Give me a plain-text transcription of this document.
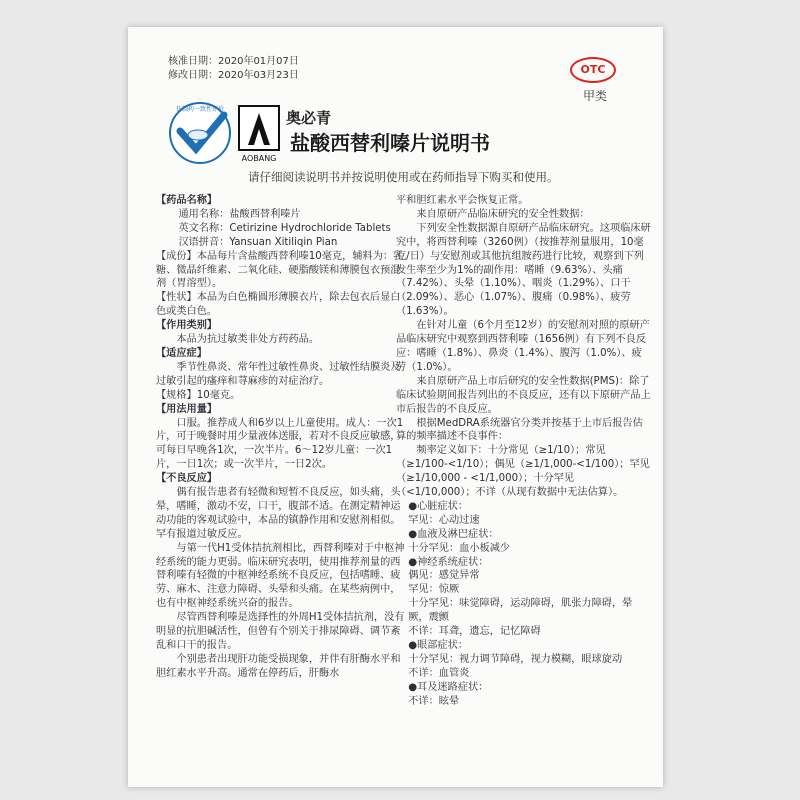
核准日期：2020年01月07日
修改日期：2020年03月23日	OTC
甲类
仿制药一致性评价
AOBANG
奥必青
盐酸西替利嗪片说明书
请仔细阅读说明书并按说明使用或在药师指导下购买和使用。

【药品名称】

通用名称：盐酸西替利嗪片

英文名称：Cetirizine Hydrochloride Tablets

汉语拼音：Yansuan Xitiliqin Pian

【成份】本品每片含盐酸西替利嗪10毫克，辅料为：乳糖、微晶纤维素、二氧化硅、硬脂酸镁和薄膜包衣预混剂（胃溶型）。

【性状】本品为白色椭圆形薄膜衣片，除去包衣后显白色或类白色。

【作用类别】

本品为抗过敏类非处方药药品。

【适应症】

季节性鼻炎、常年性过敏性鼻炎、过敏性结膜炎及过敏引起的瘙痒和荨麻疹的对症治疗。

【规格】10毫克。

【用法用量】

口服。推荐成人和6岁以上儿童使用。成人：一次1片，可于晚餐时用少量液体送服，若对不良反应敏感，可每日早晚各1次，一次半片。6～12岁儿童：一次1片，一日1次；或一次半片，一日2次。

【不良反应】

偶有报告患者有轻微和短暂不良反应，如头痛，头晕，嗜睡，激动不安，口干，腹部不适。在测定精神运动功能的客观试验中，本品的镇静作用和安慰剂相似。罕有报道过敏反应。

与第一代H1受体拮抗剂相比，西替利嗪对于中枢神经系统的能力更弱。临床研究表明，使用推荐剂量的西替利嗪有轻微的中枢神经系统不良反应，包括嗜睡、疲劳、麻木、注意力障碍、头晕和头痛。在某些病例中，也有中枢神经系统兴奋的报告。

尽管西替利嗪是选择性的外周H1受体拮抗剂，没有明显的抗胆碱活性，但曾有个别关于排尿障碍、调节紊乱和口干的报告。

个别患者出现肝功能受损现象，并伴有肝酶水平和胆红素水平升高。通常在停药后，肝酶水

平和胆红素水平会恢复正常。

来自原研产品临床研究的安全性数据：

下列安全性数据源自原研产品临床研究。这项临床研究中，将西替利嗪（3260例）（按推荐剂量服用，10毫克/日）与安慰剂或其他抗组胺药进行比较，观察到下列发生率至少为1%的副作用：嗜睡（9.63%）、头痛（7.42%）、头晕（1.10%）、咽炎（1.29%）、口干（2.09%）、恶心（1.07%）、腹痛（0.98%）、疲劳（1.63%）。

在针对儿童（6个月至12岁）的安慰剂对照的原研产品临床研究中观察到西替利嗪（1656例）有下列不良反应：嗜睡（1.8%）、鼻炎（1.4%）、腹泻（1.0%）、疲劳（1.0%）。

来自原研产品上市后研究的安全性数据(PMS)：除了临床试验期间报告列出的不良反应，还有以下原研产品上市后报告的不良反应。

根据MedDRA系统器官分类并按基于上市后报告估算的频率描述不良事件：

频率定义如下：十分常见（≥1/10）；常见（≥1/100-<1/10）；偶见（≥1/1,000-<1/100）；罕见（≥1/10,000 - <1/1,000）；十分罕见（<1/10,000）；不详（从现有数据中无法估算）。

●心脏症状：

罕见：心动过速

●血液及淋巴症状：

十分罕见：血小板减少

●神经系统症状：

偶见：感觉异常

罕见：惊厥

十分罕见：味觉障碍，运动障碍，肌张力障碍，晕厥，震颤

不详：耳聋，遗忘，记忆障碍

●眼部症状：

十分罕见：视力调节障碍，视力模糊，眼球旋动

不详：血管炎

●耳及迷路症状：

不详：眩晕
